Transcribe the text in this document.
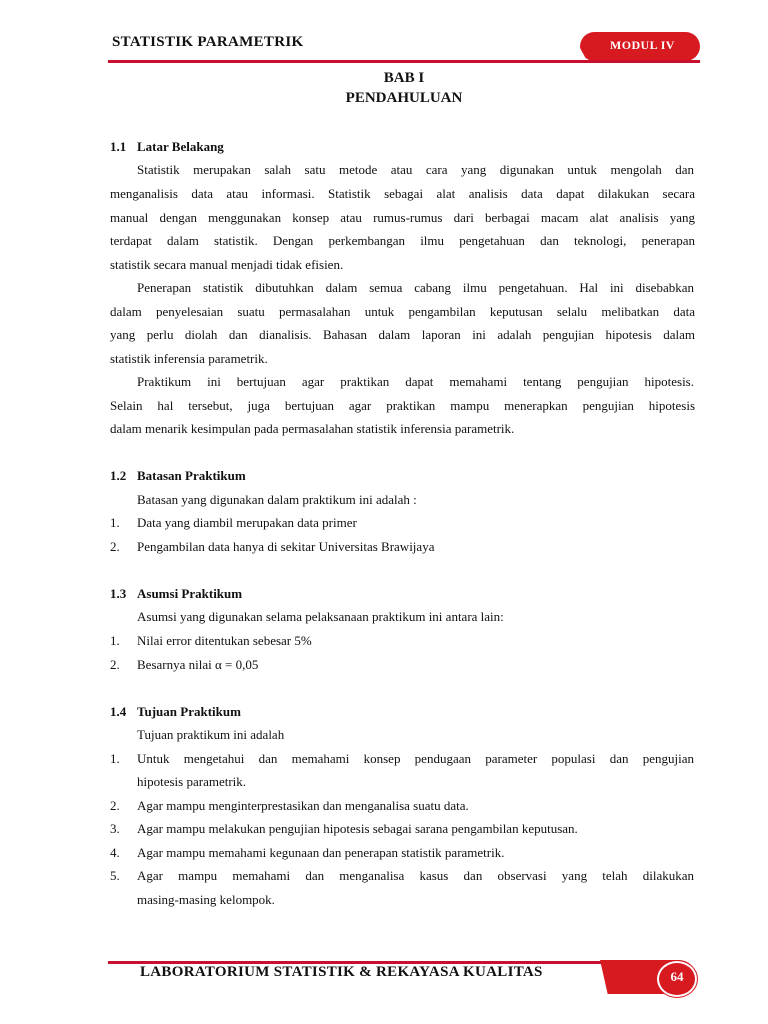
STATISTIK PARAMETRIK	MODUL IV
BAB I
PENDAHULUAN
1.1 Latar Belakang
Statistik merupakan salah satu metode atau cara yang digunakan untuk mengolah dan
menganalisis data atau informasi. Statistik sebagai alat analisis data dapat dilakukan secara
manual dengan menggunakan konsep atau rumus-rumus dari berbagai macam alat analisis yang
terdapat dalam statistik. Dengan perkembangan ilmu pengetahuan dan teknologi, penerapan
statistik secara manual menjadi tidak efisien.
Penerapan statistik dibutuhkan dalam semua cabang ilmu pengetahuan. Hal ini disebabkan
dalam penyelesaian suatu permasalahan untuk pengambilan keputusan selalu melibatkan data
yang perlu diolah dan dianalisis. Bahasan dalam laporan ini adalah pengujian hipotesis dalam
statistik inferensia parametrik.
Praktikum ini bertujuan agar praktikan dapat memahami tentang pengujian hipotesis.
Selain hal tersebut, juga bertujuan agar praktikan mampu menerapkan pengujian hipotesis
dalam menarik kesimpulan pada permasalahan statistik inferensia parametrik.
1.2 Batasan Praktikum
Batasan yang digunakan dalam praktikum ini adalah :
1. Data yang diambil merupakan data primer
2. Pengambilan data hanya di sekitar Universitas Brawijaya
1.3 Asumsi Praktikum
Asumsi yang digunakan selama pelaksanaan praktikum ini antara lain:
1. Nilai error ditentukan sebesar 5%
2. Besarnya nilai α = 0,05
1.4 Tujuan Praktikum
Tujuan praktikum ini adalah
1. Untuk mengetahui dan memahami konsep pendugaan parameter populasi dan pengujian
hipotesis parametrik.
2. Agar mampu menginterprestasikan dan menganalisa suatu data.
3. Agar mampu melakukan pengujian hipotesis sebagai sarana pengambilan keputusan.
4. Agar mampu memahami kegunaan dan penerapan statistik parametrik.
5. Agar mampu memahami dan menganalisa kasus dan observasi yang telah dilakukan
masing-masing kelompok.
LABORATORIUM STATISTIK & REKAYASA KUALITAS	64
